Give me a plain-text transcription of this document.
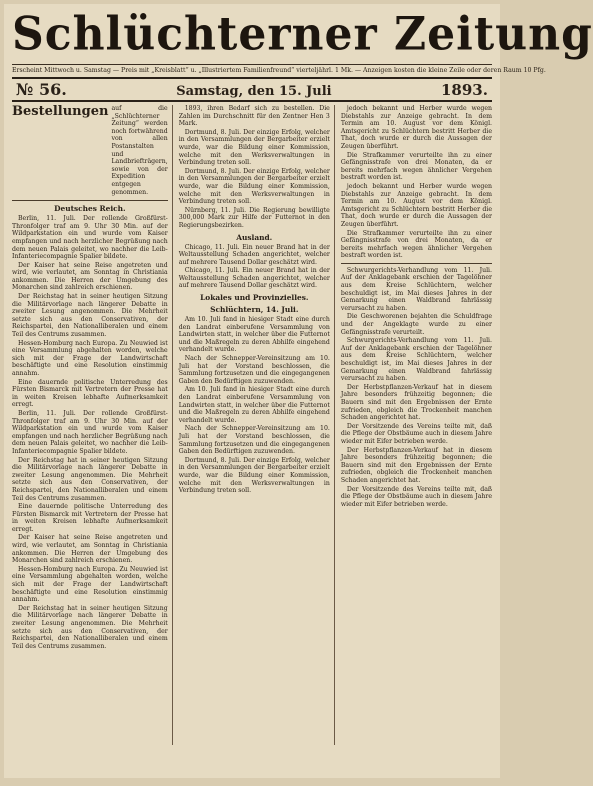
Schlüchterner Zeitung
Erscheint Mittwoch u. Samstag — Preis mit „Kreisblatt“ u. „Illustriertem Familienfreund“ vierteljährl. 1 Mk. — Anzeigen kosten die kleine Zeile oder deren Raum 10 Pfg.
№ 56.	Samstag, den 15. Juli	1893.
Bestellungen auf die „Schlüchterner Zeitung“ werden noch fortwährend von allen Postanstalten und Landbriefträgern, sowie von der Expedition entgegen genommen.

Deutsches Reich.

Berlin, 11. Juli. Der rollende Großfürst-Thronfolger traf am 9. Uhr 30 Min. auf der Wildparkstation ein und wurde vom Kaiser empfangen und nach herzlicher Begrüßung nach dem neuen Palais geleitet, wo nachher die Leib-Infanteriecompagnie Spalier bildete.

Der Kaiser hat seine Reise angetreten und wird, wie verlautet, am Sonntag in Christiania ankommen. Die Herren der Umgebung des Monarchen sind zahlreich erschienen.

Der Reichstag hat in seiner heutigen Sitzung die Militärvorlage nach längerer Debatte in zweiter Lesung angenommen. Die Mehrheit setzte sich aus den Conservativen, der Reichspartei, den Nationalliberalen und einem Teil des Centrums zusammen.

Hessen-Homburg nach Europa. Zu Neuwied ist eine Versammlung abgehalten worden, welche sich mit der Frage der Landwirtschaft beschäftigte und eine Resolution einstimmig annahm.

Eine dauernde politische Unterredung des Fürsten Bismarck mit Vertretern der Presse hat in weiten Kreisen lebhafte Aufmerksamkeit erregt.

Berlin, 11. Juli. Der rollende Großfürst-Thronfolger traf am 9. Uhr 30 Min. auf der Wildparkstation ein und wurde vom Kaiser empfangen und nach herzlicher Begrüßung nach dem neuen Palais geleitet, wo nachher die Leib-Infanteriecompagnie Spalier bildete.

Der Reichstag hat in seiner heutigen Sitzung die Militärvorlage nach längerer Debatte in zweiter Lesung angenommen. Die Mehrheit setzte sich aus den Conservativen, der Reichspartei, den Nationalliberalen und einem Teil des Centrums zusammen.

Eine dauernde politische Unterredung des Fürsten Bismarck mit Vertretern der Presse hat in weiten Kreisen lebhafte Aufmerksamkeit erregt.

Der Kaiser hat seine Reise angetreten und wird, wie verlautet, am Sonntag in Christiania ankommen. Die Herren der Umgebung des Monarchen sind zahlreich erschienen.

Hessen-Homburg nach Europa. Zu Neuwied ist eine Versammlung abgehalten worden, welche sich mit der Frage der Landwirtschaft beschäftigte und eine Resolution einstimmig annahm.

Der Reichstag hat in seiner heutigen Sitzung die Militärvorlage nach längerer Debatte in zweiter Lesung angenommen. Die Mehrheit setzte sich aus den Conservativen, der Reichspartei, den Nationalliberalen und einem Teil des Centrums zusammen.

1893, ihren Bedarf sich zu bestellen. Die Zahlen im Durchschnitt für den Zentner Hen 3 Mark.

Dortmund, 8. Juli. Der einzige Erfolg, welcher in den Versammlungen der Bergarbeiter erzielt wurde, war die Bildung einer Kommission, welche mit den Werksverwaltungen in Verbindung treten soll.

Dortmund, 8. Juli. Der einzige Erfolg, welcher in den Versammlungen der Bergarbeiter erzielt wurde, war die Bildung einer Kommission, welche mit den Werksverwaltungen in Verbindung treten soll.

Nürnberg, 11. Juli. Die Regierung bewilligte 300,000 Mark zur Hilfe der Futternot in den Regierungsbezirken.

Ausland.

Chicago, 11. Juli. Ein neuer Brand hat in der Weltausstellung Schaden angerichtet, welcher auf mehrere Tausend Dollar geschätzt wird.

Chicago, 11. Juli. Ein neuer Brand hat in der Weltausstellung Schaden angerichtet, welcher auf mehrere Tausend Dollar geschätzt wird.

Lokales und Provinzielles.
Schlüchtern, 14. Juli.

Am 10. Juli fand in hiesiger Stadt eine durch den Landrat einberufene Versammlung von Landwirten statt, in welcher über die Futternot und die Maßregeln zu deren Abhilfe eingehend verhandelt wurde.

Nach der Schnepper-Vereinsitzung am 10. Juli hat der Vorstand beschlossen, die Sammlung fortzusetzen und die eingegangenen Gaben den Bedürftigen zuzuwenden.

Am 10. Juli fand in hiesiger Stadt eine durch den Landrat einberufene Versammlung von Landwirten statt, in welcher über die Futternot und die Maßregeln zu deren Abhilfe eingehend verhandelt wurde.

Nach der Schnepper-Vereinsitzung am 10. Juli hat der Vorstand beschlossen, die Sammlung fortzusetzen und die eingegangenen Gaben den Bedürftigen zuzuwenden.

Dortmund, 8. Juli. Der einzige Erfolg, welcher in den Versammlungen der Bergarbeiter erzielt wurde, war die Bildung einer Kommission, welche mit den Werksverwaltungen in Verbindung treten soll.

jedoch bekannt und Herber wurde wegen Diebstahls zur Anzeige gebracht. In dem Termin am 10. August vor dem Königl. Amtsgericht zu Schlüchtern bestritt Herber die That, doch wurde er durch die Aussagen der Zeugen überführt.

Die Strafkammer verurteilte ihn zu einer Gefängnisstrafe von drei Monaten, da er bereits mehrfach wegen ähnlicher Vergehen bestraft worden ist.

jedoch bekannt und Herber wurde wegen Diebstahls zur Anzeige gebracht. In dem Termin am 10. August vor dem Königl. Amtsgericht zu Schlüchtern bestritt Herber die That, doch wurde er durch die Aussagen der Zeugen überführt.

Die Strafkammer verurteilte ihn zu einer Gefängnisstrafe von drei Monaten, da er bereits mehrfach wegen ähnlicher Vergehen bestraft worden ist.

Schwurgerichts-Verhandlung vom 11. Juli. Auf der Anklagebank erschien der Tagelöhner aus dem Kreise Schlüchtern, welcher beschuldigt ist, im Mai dieses Jahres in der Gemarkung einen Waldbrand fahrlässig verursacht zu haben.

Die Geschworenen bejahten die Schuldfrage und der Angeklagte wurde zu einer Gefängnisstrafe verurteilt.

Schwurgerichts-Verhandlung vom 11. Juli. Auf der Anklagebank erschien der Tagelöhner aus dem Kreise Schlüchtern, welcher beschuldigt ist, im Mai dieses Jahres in der Gemarkung einen Waldbrand fahrlässig verursacht zu haben.

Der Herbstpflanzen-Verkauf hat in diesem Jahre besonders frühzeitig begonnen; die Bauern sind mit den Ergebnissen der Ernte zufrieden, obgleich die Trockenheit manchen Schaden angerichtet hat.

Der Vorsitzende des Vereins teilte mit, daß die Pflege der Obstbäume auch in diesem Jahre wieder mit Eifer betrieben werde.

Der Herbstpflanzen-Verkauf hat in diesem Jahre besonders frühzeitig begonnen; die Bauern sind mit den Ergebnissen der Ernte zufrieden, obgleich die Trockenheit manchen Schaden angerichtet hat.

Der Vorsitzende des Vereins teilte mit, daß die Pflege der Obstbäume auch in diesem Jahre wieder mit Eifer betrieben werde.
